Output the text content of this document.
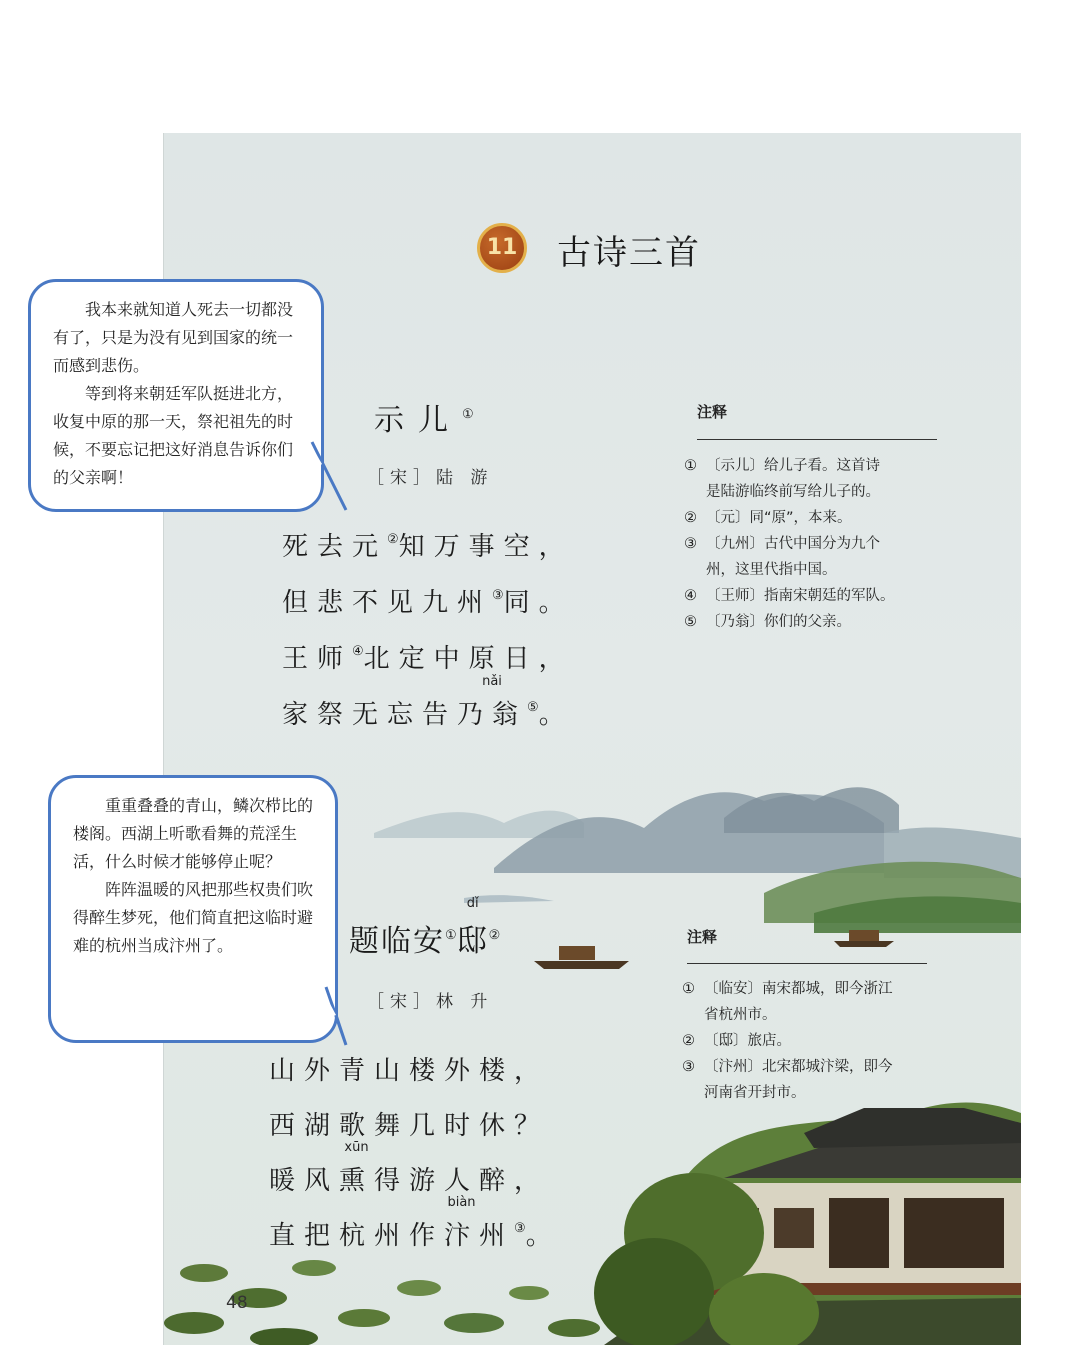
11 古诗三首
示儿①
［宋］陆 游
死去元②知万事空，
但悲不见九州③同。
王师④北定中原日，
家祭无忘告
nǎi
乃翁⑤。
注释
① 〔示儿〕给儿子看。这首诗
是陆游临终前写给儿子的。
② 〔元〕同“原”，本来。
③ 〔九州〕古代中国分为九个
州，这里代指中国。
④ 〔王师〕指南宋朝廷的军队。
⑤ 〔乃翁〕你们的父亲。
题临安①
dǐ
邸②
［宋］林 升
山外青山楼外楼，
西湖歌舞几时休？
暖风
xūn
熏得游人醉，
直把杭州作
biàn
汴州③。
注释
① 〔临安〕南宋都城，即今浙江
省杭州市。
② 〔邸〕旅店。
③ 〔汴州〕北宋都城汴梁，即今
河南省开封市。
48

我本来就知道人死去一切都没有了，只是为没有见到国家的统一而感到悲伤。

等到将来朝廷军队挺进北方，收复中原的那一天，祭祀祖先的时候，不要忘记把这好消息告诉你们的父亲啊！

重重叠叠的青山，鳞次栉比的楼阁。西湖上听歌看舞的荒淫生活，什么时候才能够停止呢？

阵阵温暖的风把那些权贵们吹得醉生梦死，他们简直把这临时避难的杭州当成汴州了。
